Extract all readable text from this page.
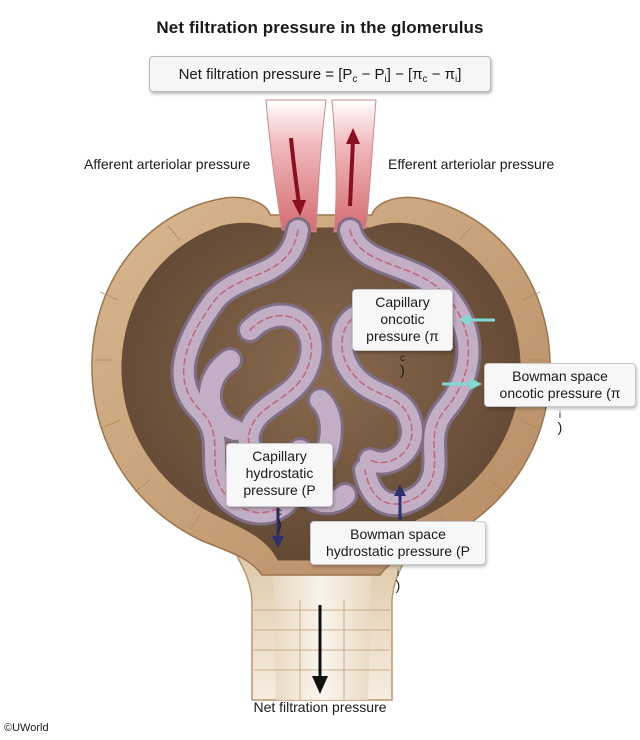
Net filtration pressure in the glomerulus
Net filtration pressure = $[P_c - P_i] - [\pi_c - \pi_i]$
Afferent arteriolar pressure	Efferent arteriolar pressure
Capillary
oncotic
pressure (π
$_c$
)	Bowman space
oncotic pressure (π
$_i$
)
Capillary
hydrostatic
pressure (P
$_c$
)
Bowman space
hydrostatic pressure (P
$_i$
)
Net filtration pressure
©UWorld
